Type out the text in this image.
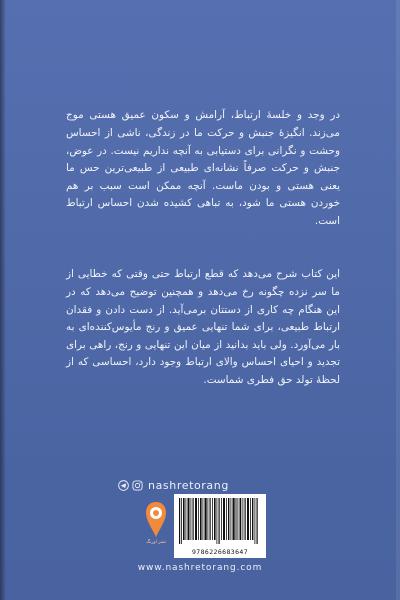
در وجد و خلسهٔ ارتباط، آرامش و سکون عمیق هستی موج می‌زند. انگیزهٔ جنبش و حرکت ما در زندگی، ناشی از احساس وحشت و نگرانی برای دستیابی به آنچه نداریم نیست. در عوض، جنبش و حرکت صرفاً نشانه‌ای طبیعی از طبیعی‌ترین حس ما یعنی هستی و بودن ماست. آنچه ممکن است سبب بر هم خوردن هستی ما شود، به تباهی کشیده شدن احساس ارتباط است.

این کتاب شرح می‌دهد که قطع ارتباط حتی وقتی که خطایی از ما سر نزده چگونه رخ می‌دهد و همچنین توضیح می‌دهد که در این هنگام چه کاری از دستتان برمی‌آید. از دست دادن و فقدان ارتباط طبیعی، برای شما تنهایی عمیق و رنج مأیوس‌کننده‌ای به بار می‌آورد. ولی باید بدانید از میان این تنهایی و رنج، راهی برای تجدید و احیای احساس والای ارتباط وجود دارد، احساسی که از لحظهٔ تولد حق فطری شماست.

nashretorang
نشر اورنگ
9786226683647
www.nashretorang.com
